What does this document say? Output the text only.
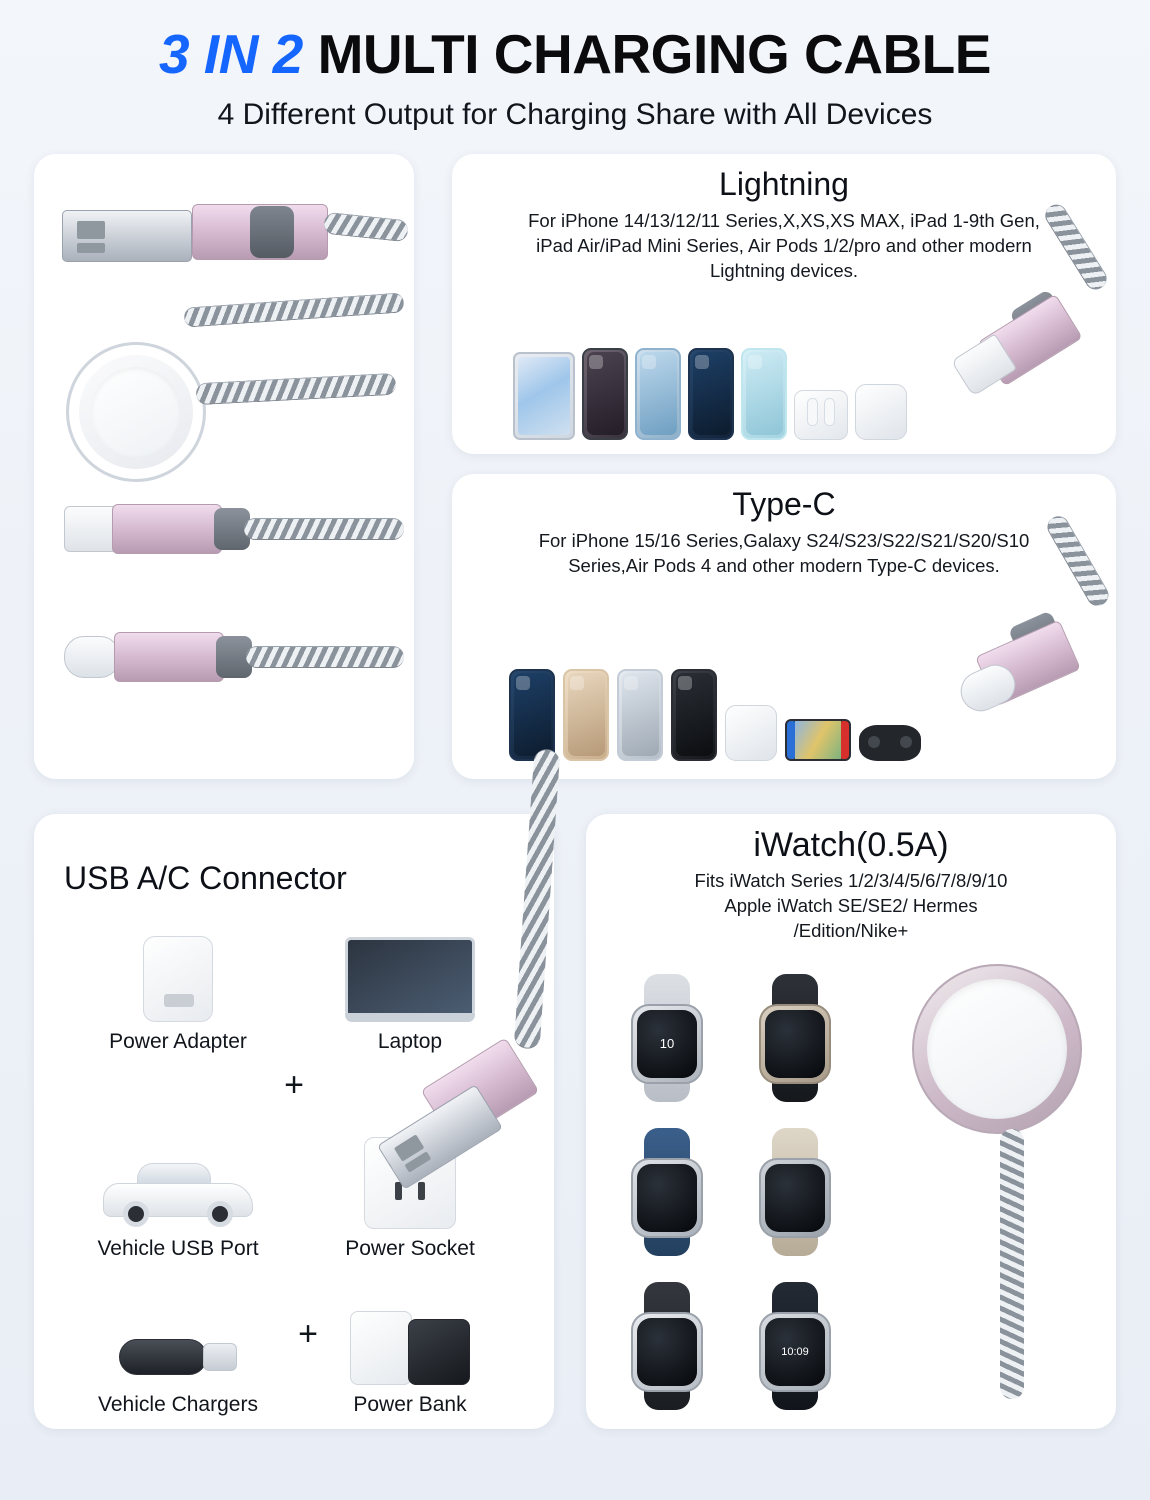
3 IN 2 MULTI CHARGING CABLE
4 Different Output for Charging Share with All Devices
Lightning
For iPhone 14/13/12/11 Series,X,XS,XS MAX, iPad 1-9th Gen, iPad Air/iPad Mini Series, Air Pods 1/2/pro and other modern Lightning devices.
Type-C
For iPhone 15/16 Series,Galaxy S24/S23/S22/S21/S20/S10 Series,Air Pods 4 and other modern Type-C devices.
USB A/C Connector
Power Adapter	Laptop
+
Vehicle USB Port	Power Socket
Vehicle Chargers
+
Power Bank
iWatch(0.5A)
Fits iWatch Series 1/2/3/4/5/6/7/8/9/10
Apple iWatch SE/SE2/ Hermes
/Edition/Nike+
10
10:09
